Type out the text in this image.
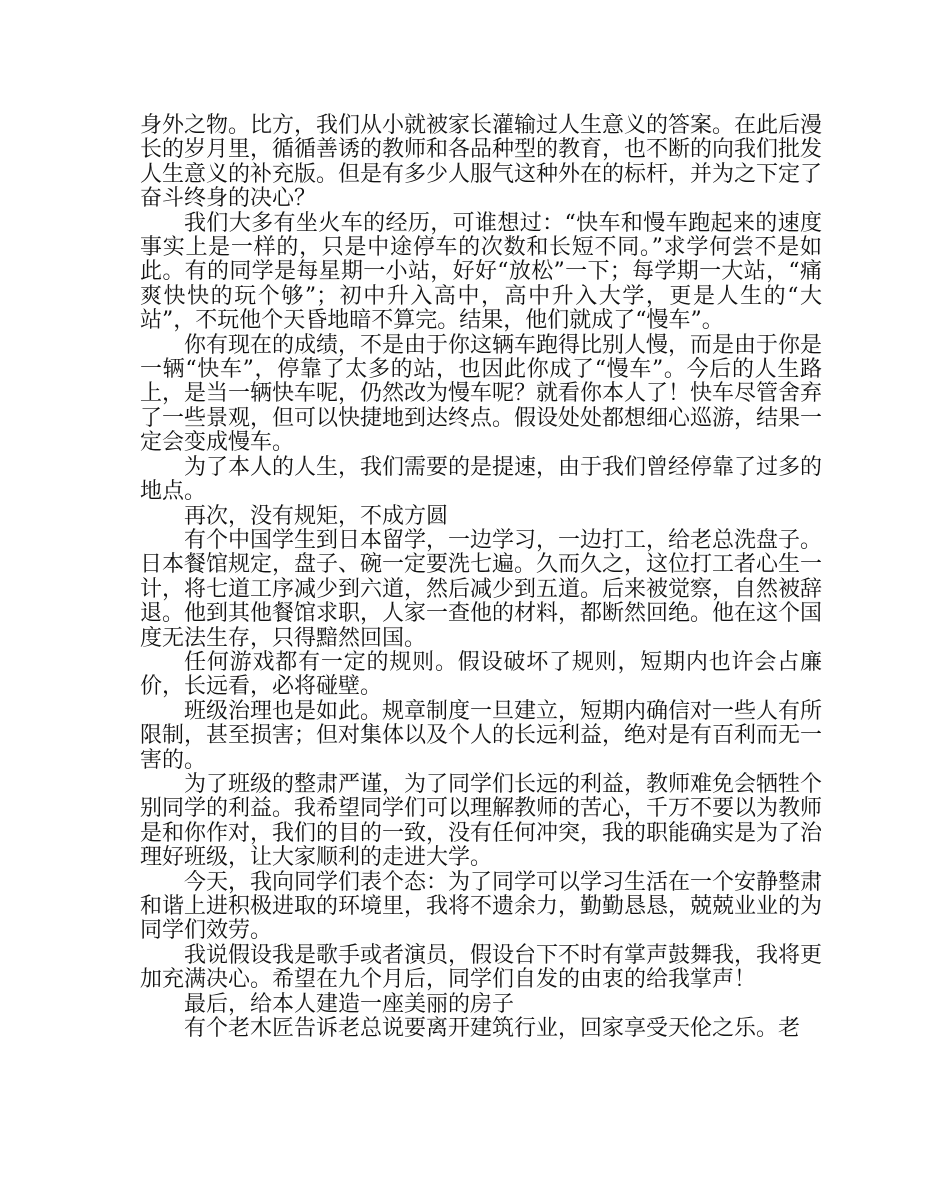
身外之物。比方，我们从小就被家长灌输过人生意义的答案。在此后漫长的岁月里，循循善诱的教师和各品种型的教育，也不断的向我们批发人生意义的补充版。但是有多少人服气这种外在的标杆，并为之下定了奋斗终身的决心？

我们大多有坐火车的经历，可谁想过：“快车和慢车跑起来的速度事实上是一样的，只是中途停车的次数和长短不同。”求学何尝不是如此。有的同学是每星期一小站，好好“放松”一下；每学期一大站，“痛爽快快的玩个够”；初中升入高中，高中升入大学，更是人生的“大站”，不玩他个天昏地暗不算完。结果，他们就成了“慢车”。

你有现在的成绩，不是由于你这辆车跑得比别人慢，而是由于你是一辆“快车”，停靠了太多的站，也因此你成了“慢车”。今后的人生路上，是当一辆快车呢，仍然改为慢车呢？就看你本人了！快车尽管舍弃了一些景观，但可以快捷地到达终点。假设处处都想细心巡游，结果一定会变成慢车。

为了本人的人生，我们需要的是提速，由于我们曾经停靠了过多的地点。

再次，没有规矩，不成方圆

有个中国学生到日本留学，一边学习，一边打工，给老总洗盘子。日本餐馆规定，盘子、碗一定要洗七遍。久而久之，这位打工者心生一计，将七道工序减少到六道，然后减少到五道。后来被觉察，自然被辞退。他到其他餐馆求职，人家一查他的材料，都断然回绝。他在这个国度无法生存，只得黯然回国。

任何游戏都有一定的规则。假设破坏了规则，短期内也许会占廉价，长远看，必将碰壁。

班级治理也是如此。规章制度一旦建立，短期内确信对一些人有所限制，甚至损害；但对集体以及个人的长远利益，绝对是有百利而无一害的。

为了班级的整肃严谨，为了同学们长远的利益，教师难免会牺牲个别同学的利益。我希望同学们可以理解教师的苦心，千万不要以为教师是和你作对，我们的目的一致，没有任何冲突，我的职能确实是为了治理好班级，让大家顺利的走进大学。

今天，我向同学们表个态：为了同学可以学习生活在一个安静整肃和谐上进积极进取的环境里，我将不遗余力，勤勤恳恳，兢兢业业的为同学们效劳。

我说假设我是歌手或者演员，假设台下不时有掌声鼓舞我，我将更加充满决心。希望在九个月后，同学们自发的由衷的给我掌声！

最后，给本人建造一座美丽的房子

有个老木匠告诉老总说要离开建筑行业，回家享受天伦之乐。老
